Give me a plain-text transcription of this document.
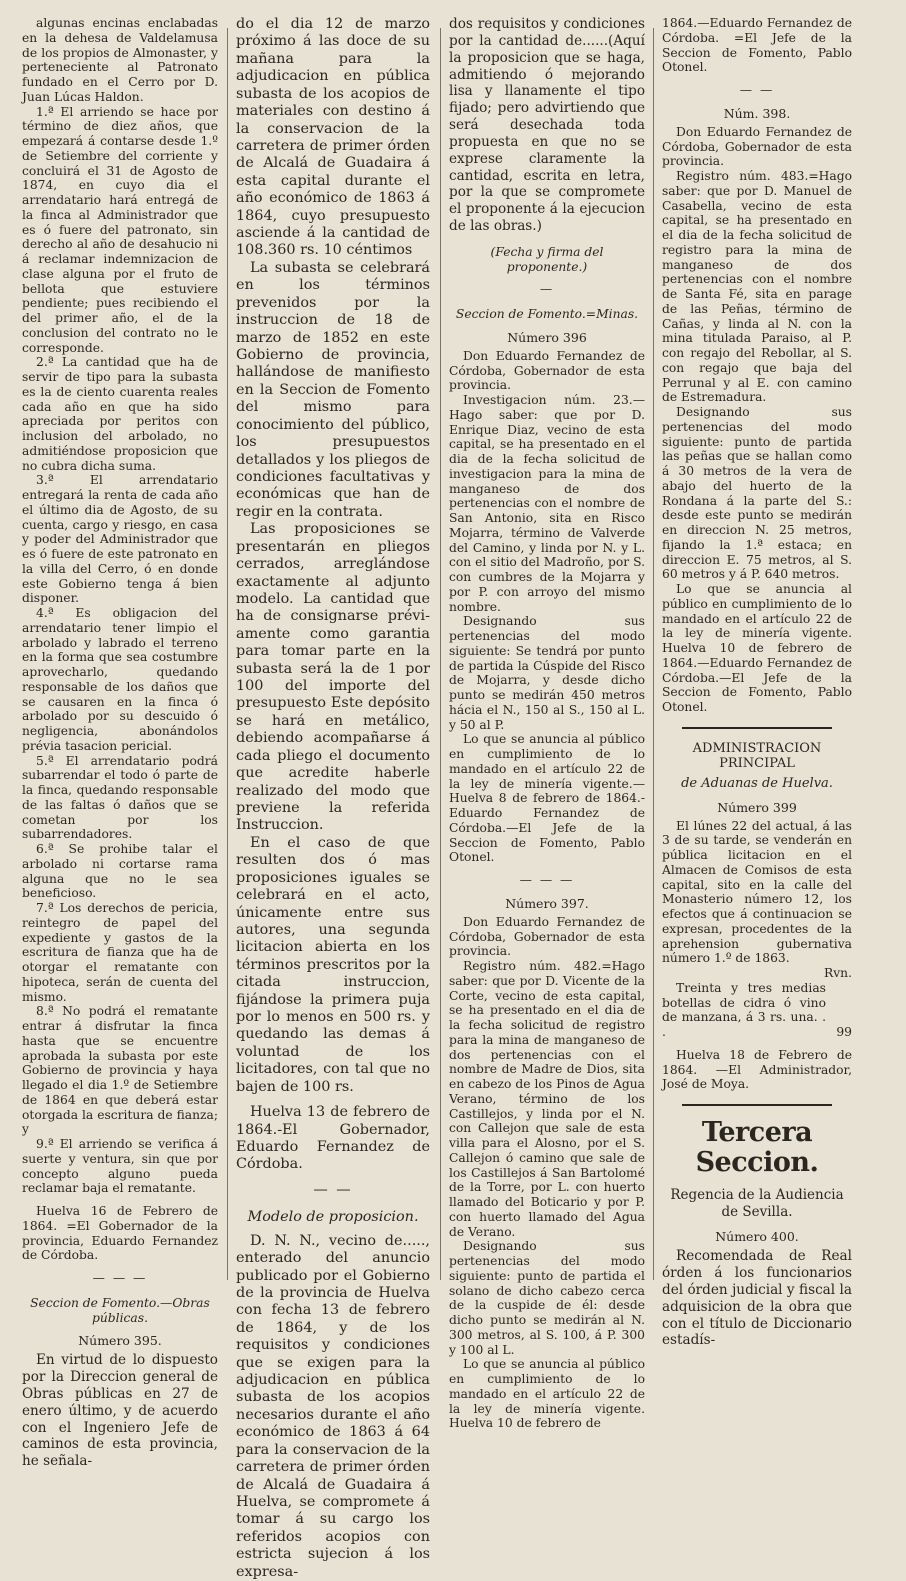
algunas encinas enclabadas en la dehesa de Valdelamusa de los propios de Almonaster, y perteneciente al Patronato fundado en el Cerro por D. Juan Lúcas Haldon.

1.ª El arriendo se hace por término de diez años, que empezará á contarse desde 1.º de Setiembre del corriente y concluirá el 31 de Agosto de 1874, en cuyo dia el arrendatario hará entregá de la finca al Administrador que es ó fuere del patronato, sin derecho al año de desahucio ni á reclamar indemnizacion de clase alguna por el fruto de bellota que estuviere pendiente; pues recibiendo el del primer año, el de la conclusion del contrato no le corresponde.

2.ª La cantidad que ha de servir de tipo para la subasta es la de ciento cuarenta reales cada año en que ha sido apreciada por peritos con inclusion del arbolado, no admitiéndose proposicion que no cubra dicha suma.

3.ª El arrendatario entregará la renta de cada año el último dia de Agosto, de su cuenta, cargo y riesgo, en casa y poder del Administrador que es ó fuere de este patronato en la villa del Cerro, ó en donde este Gobierno tenga á bien disponer.

4.ª Es obligacion del arrendatario tener limpio el arbolado y labrado el terreno en la forma que sea costumbre aprovecharlo, quedando responsable de los daños que se causaren en la finca ó arbolado por su descuido ó negligencia, abonándolos prévia tasacion pericial.

5.ª El arrendatario podrá subarrendar el todo ó parte de la finca, quedando responsable de las faltas ó daños que se cometan por los subarrendadores.

6.ª Se prohibe talar el arbolado ni cortarse rama alguna que no le sea beneficioso.

7.ª Los derechos de pericia, reintegro de papel del expediente y gastos de la escritura de fianza que ha de otorgar el rematante con hipoteca, serán de cuenta del mismo.

8.ª No podrá el rematante entrar á disfrutar la finca hasta que se encuentre aprobada la subasta por este Gobierno de provincia y haya llegado el dia 1.º de Setiembre de 1864 en que deberá estar otorgada la escritura de fianza; y

9.ª El arriendo se verifica á suerte y ventura, sin que por concepto alguno pueda reclamar baja el rematante.

Huelva 16 de Febrero de 1864. =El Gobernador de la provincia, Eduardo Fernandez de Córdoba.

— — —

Seccion de Fomento.—Obras públicas.

Número 395.

En virtud de lo dispuesto por la Direccion general de Obras públicas en 27 de enero último, y de acuerdo con el Ingeniero Jefe de caminos de esta provincia, he señala-

do el dia 12 de marzo próximo á las doce de su mañana para la adjudicacion en pública subasta de los acopios de materiales con destino á la conservacion de la carretera de primer órden de Alcalá de Guadaira á esta capital durante el año económico de 1863 á 1864, cuyo presupuesto asciende á la cantidad de 108.360 rs. 10 céntimos

La subasta se celebrará en los términos prevenidos por la instruccion de 18 de marzo de 1852 en este Gobierno de provincia, hallándose de manifiesto en la Seccion de Fomento del mismo para conocimiento del público, los presupuestos detallados y los pliegos de condiciones facultativas y económicas que han de regir en la contrata.

Las proposiciones se presentarán en pliegos cerrados, arreglándose exactamente al adjunto modelo. La cantidad que ha de consignarse préviamente como garantia para tomar parte en la subasta será la de 1 por 100 del importe del presupuesto Este depósito se hará en metálico, debiendo acompañarse á cada pliego el documento que acredite haberle realizado del modo que previene la referida Instruccion.

En el caso de que resulten dos ó mas proposiciones iguales se celebrará en el acto, únicamente entre sus autores, una segunda licitacion abierta en los términos prescritos por la citada instruccion, fijándose la primera puja por lo menos en 500 rs. y quedando las demas á voluntad de los licitadores, con tal que no bajen de 100 rs.

Huelva 13 de febrero de 1864.-El Gobernador, Eduardo Fernandez de Córdoba.

— —

Modelo de proposicion.

D. N. N., vecino de....., enterado del anuncio publicado por el Gobierno de la provincia de Huelva con fecha 13 de febrero de 1864, y de los requisitos y condiciones que se exigen para la adjudicacion en pública subasta de los acopios necesarios durante el año económico de 1863 á 64 para la conservacion de la carretera de primer órden de Alcalá de Guadaira á Huelva, se compromete á tomar á su cargo los referidos acopios con estricta sujecion á los expresa-

dos requisitos y condiciones por la cantidad de......(Aquí la proposicion que se haga, admitiendo ó mejorando lisa y llanamente el tipo fijado; pero advirtiendo que será desechada toda propuesta en que no se exprese claramente la cantidad, escrita en letra, por la que se compromete el proponente á la ejecucion de las obras.)

(Fecha y firma del proponente.)

—

Seccion de Fomento.=Minas.

Número 396

Don Eduardo Fernandez de Córdoba, Gobernador de esta provincia.

Investigacion núm. 23.—Hago saber: que por D. Enrique Diaz, vecino de esta capital, se ha presentado en el dia de la fecha solicitud de investigacion para la mina de manganeso de dos pertenencias con el nombre de San Antonio, sita en Risco Mojarra, término de Valverde del Camino, y linda por N. y L. con el sitio del Madroño, por S. con cumbres de la Mojarra y por P. con arroyo del mismo nombre.

Designando sus pertenencias del modo siguiente: Se tendrá por punto de partida la Cúspide del Risco de Mojarra, y desde dicho punto se medirán 450 metros hácia el N., 150 al S., 150 al L. y 50 al P.

Lo que se anuncia al público en cumplimiento de lo mandado en el artículo 22 de la ley de minería vigente.—Huelva 8 de febrero de 1864.-Eduardo Fernandez de Córdoba.—El Jefe de la Seccion de Fomento, Pablo Otonel.

— — —

Número 397.

Don Eduardo Fernandez de Córdoba, Gobernador de esta provincia.

Registro núm. 482.=Hago saber: que por D. Vicente de la Corte, vecino de esta capital, se ha presentado en el dia de la fecha solicitud de registro para la mina de manganeso de dos pertenencias con el nombre de Madre de Dios, sita en cabezo de los Pinos de Agua Verano, término de los Castillejos, y linda por el N. con Callejon que sale de esta villa para el Alosno, por el S. Callejon ó camino que sale de los Castillejos á San Bartolomé de la Torre, por L. con huerto llamado del Boticario y por P. con huerto llamado del Agua de Verano.

Designando sus pertenencias del modo siguiente: punto de partida el solano de dicho cabezo cerca de la cuspide de él: desde dicho punto se medirán al N. 300 metros, al S. 100, á P. 300 y 100 al L.

Lo que se anuncia al público en cumplimiento de lo mandado en el artículo 22 de la ley de minería vigente. Huelva 10 de febrero de

1864.—Eduardo Fernandez de Córdoba. =El Jefe de la Seccion de Fomento, Pablo Otonel.

— —

Núm. 398.

Don Eduardo Fernandez de Córdoba, Gobernador de esta provincia.

Registro núm. 483.=Hago saber: que por D. Manuel de Casabella, vecino de esta capital, se ha presentado en el dia de la fecha solicitud de registro para la mina de manganeso de dos pertenencias con el nombre de Santa Fé, sita en parage de las Peñas, término de Cañas, y linda al N. con la mina titulada Paraiso, al P. con regajo del Rebollar, al S. con regajo que baja del Perrunal y al E. con camino de Estremadura.

Designando sus pertenencias del modo siguiente: punto de partida las peñas que se hallan como á 30 metros de la vera de abajo del huerto de la Rondana á la parte del S.: desde este punto se medirán en direccion N. 25 metros, fijando la 1.ª estaca; en direccion E. 75 metros, al S. 60 metros y á P. 640 metros.

Lo que se anuncia al público en cumplimiento de lo mandado en el artículo 22 de la ley de minería vigente. Huelva 10 de febrero de 1864.—Eduardo Fernandez de Córdoba.—El Jefe de la Seccion de Fomento, Pablo Otonel.

ADMINISTRACION PRINCIPAL

de Aduanas de Huelva.

Número 399

El lúnes 22 del actual, á las 3 de su tarde, se venderán en pública licitacion en el Almacen de Comisos de esta capital, sito en la calle del Monasterio número 12, los efectos que á continuacion se expresan, procedentes de la aprehension gubernativa número 1.º de 1863.

Rvn.

Treinta y tres medias botellas de cidra ó vino de manzana, á 3 rs. una. . .	99

Huelva 18 de Febrero de 1864. —El Administrador, José de Moya.

Tercera Seccion.

Regencia de la Audiencia de Sevilla.

Número 400.

Recomendada de Real órden á los funcionarios del órden judicial y fiscal la adquisicion de la obra que con el título de Diccionario estadís-
